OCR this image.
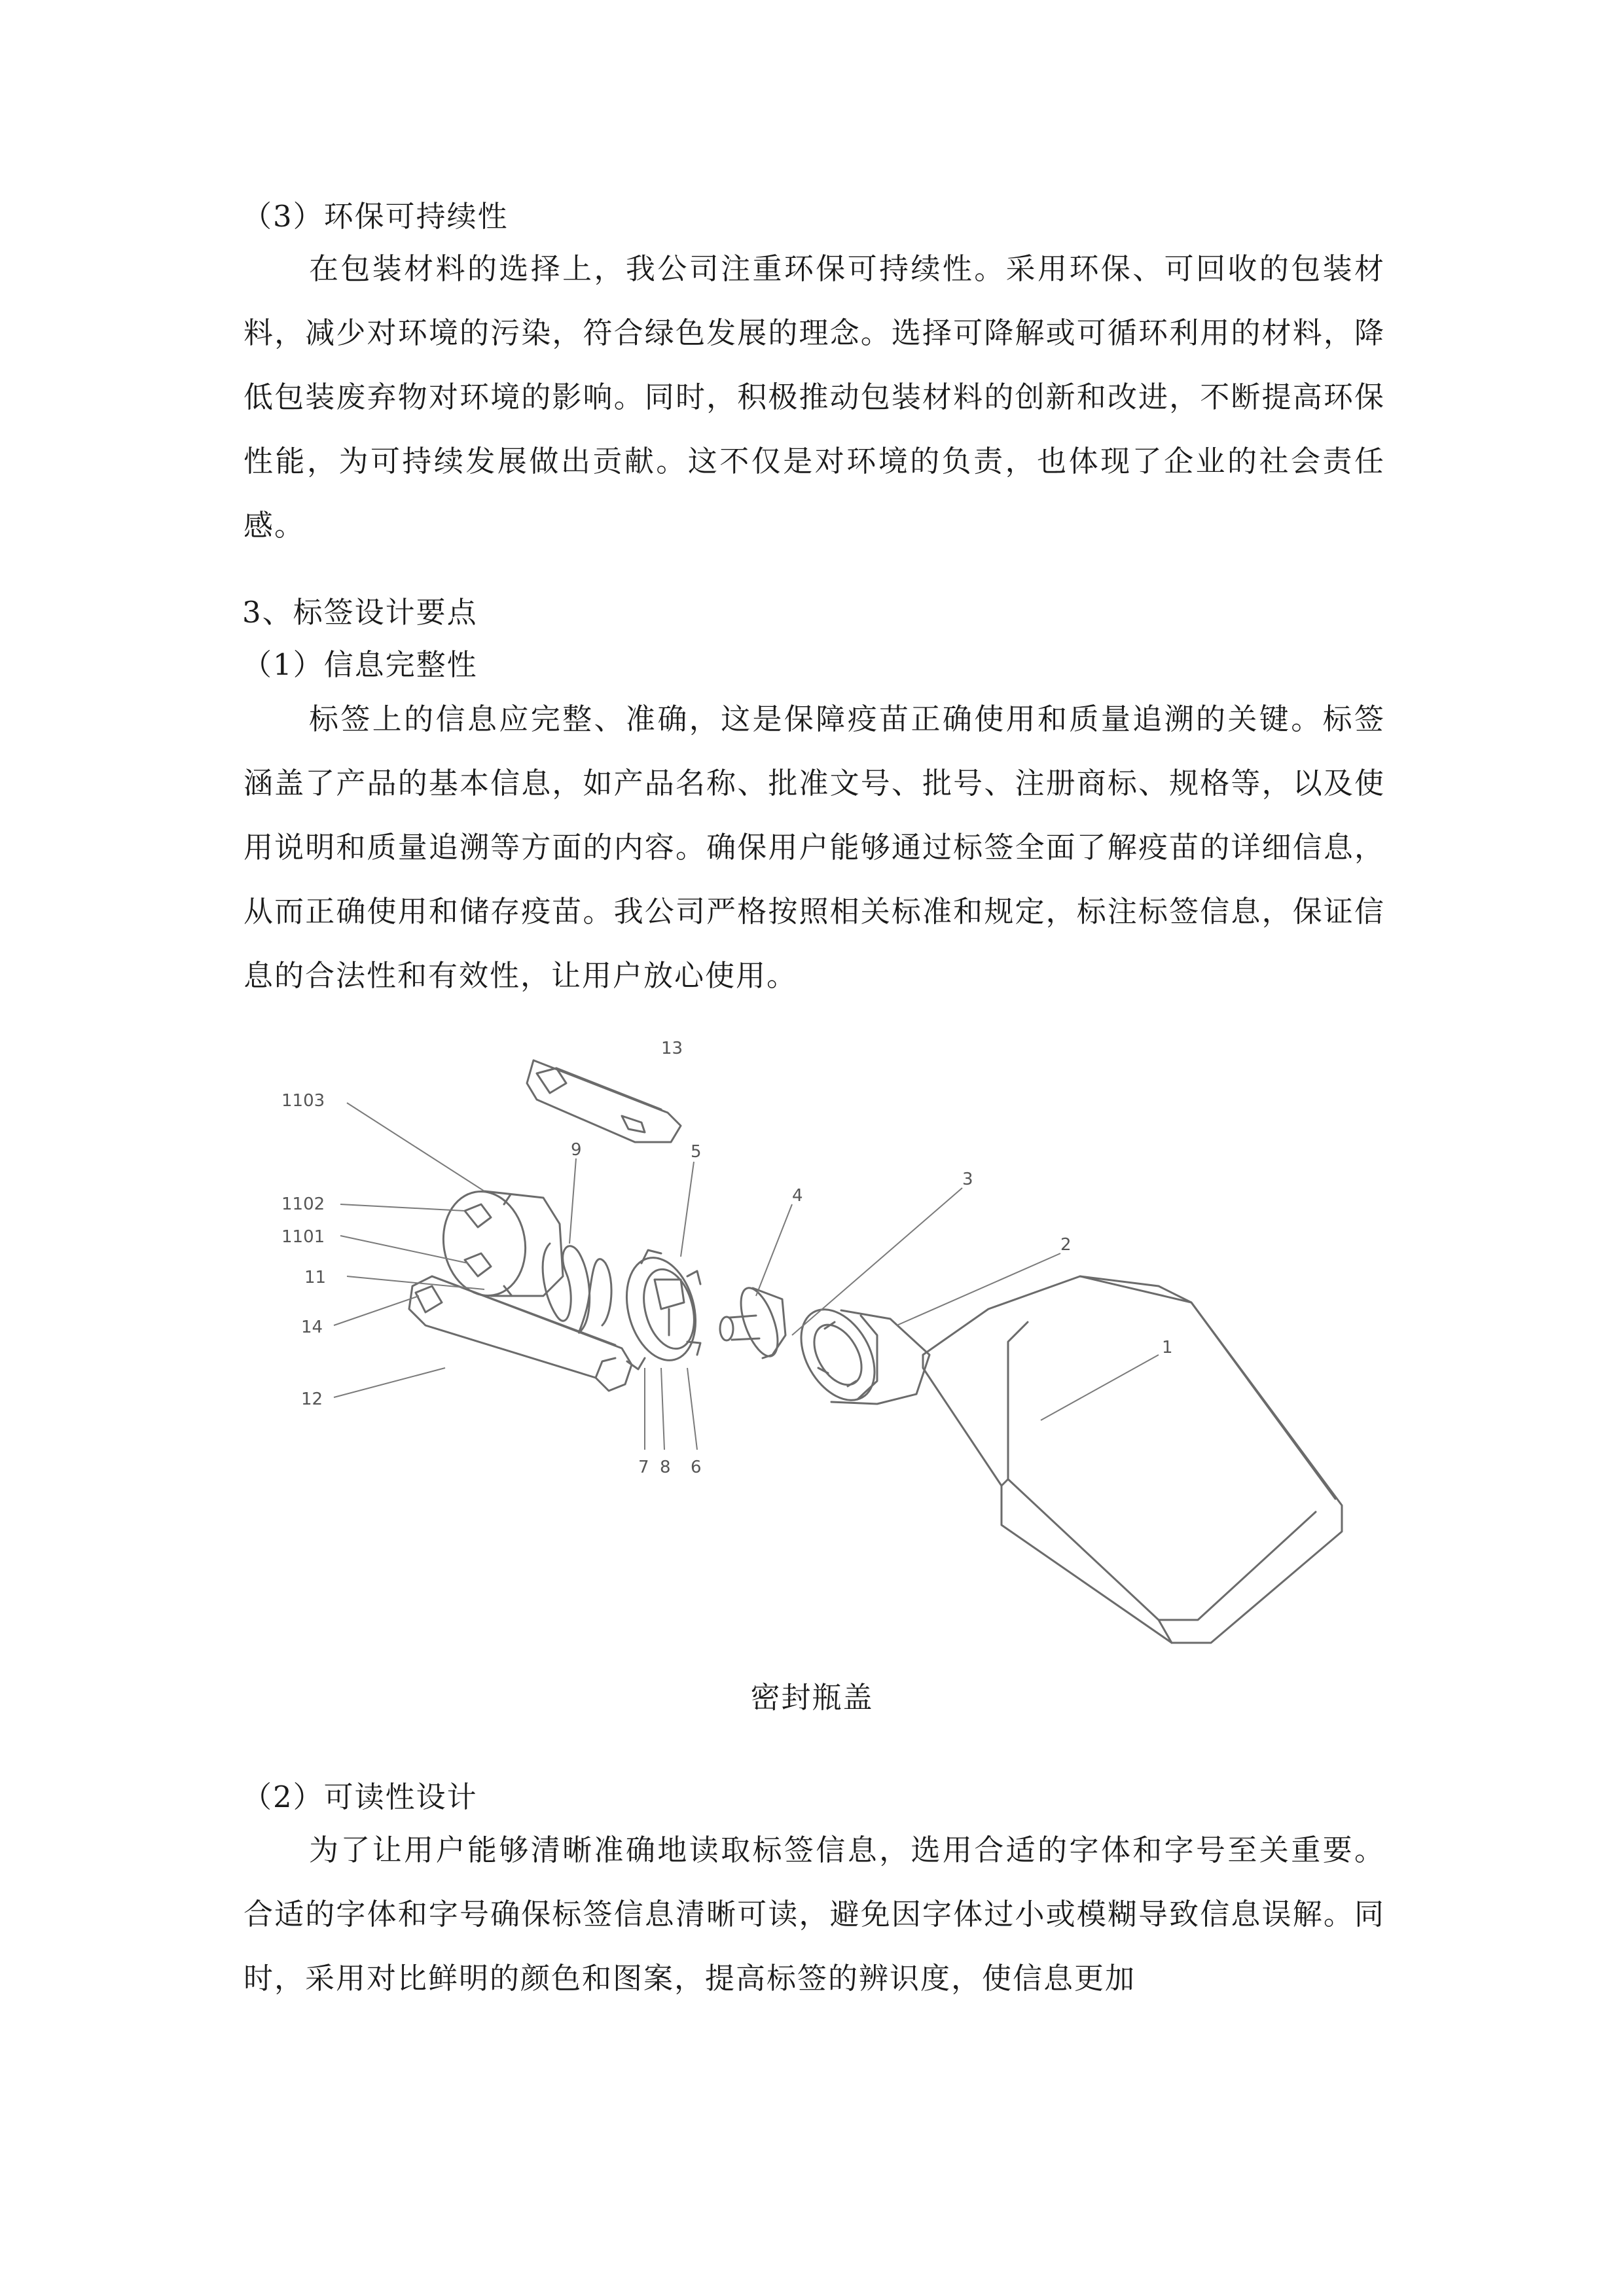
（3）环保可持续性

在包装材料的选择上，我公司注重环保可持续性。采用环保、可回收的包装材料，减少对环境的污染，符合绿色发展的理念。选择可降解或可循环利用的材料，降低包装废弃物对环境的影响。同时，积极推动包装材料的创新和改进，不断提高环保性能，为可持续发展做出贡献。这不仅是对环境的负责，也体现了企业的社会责任感。

3、标签设计要点
（1）信息完整性

标签上的信息应完整、准确，这是保障疫苗正确使用和质量追溯的关键。标签涵盖了产品的基本信息，如产品名称、批准文号、批号、注册商标、规格等，以及使用说明和质量追溯等方面的内容。确保用户能够通过标签全面了解疫苗的详细信息，从而正确使用和储存疫苗。我公司严格按照相关标准和规定，标注标签信息，保证信息的合法性和有效性，让用户放心使用。

13
1103
1102
1101
11
14
12
9	5
4
3
2
1
7 8 6
密封瓶盖
（2）可读性设计

为了让用户能够清晰准确地读取标签信息，选用合适的字体和字号至关重要。合适的字体和字号确保标签信息清晰可读，避免因字体过小或模糊导致信息误解。同时，采用对比鲜明的颜色和图案，提高标签的辨识度，使信息更加
